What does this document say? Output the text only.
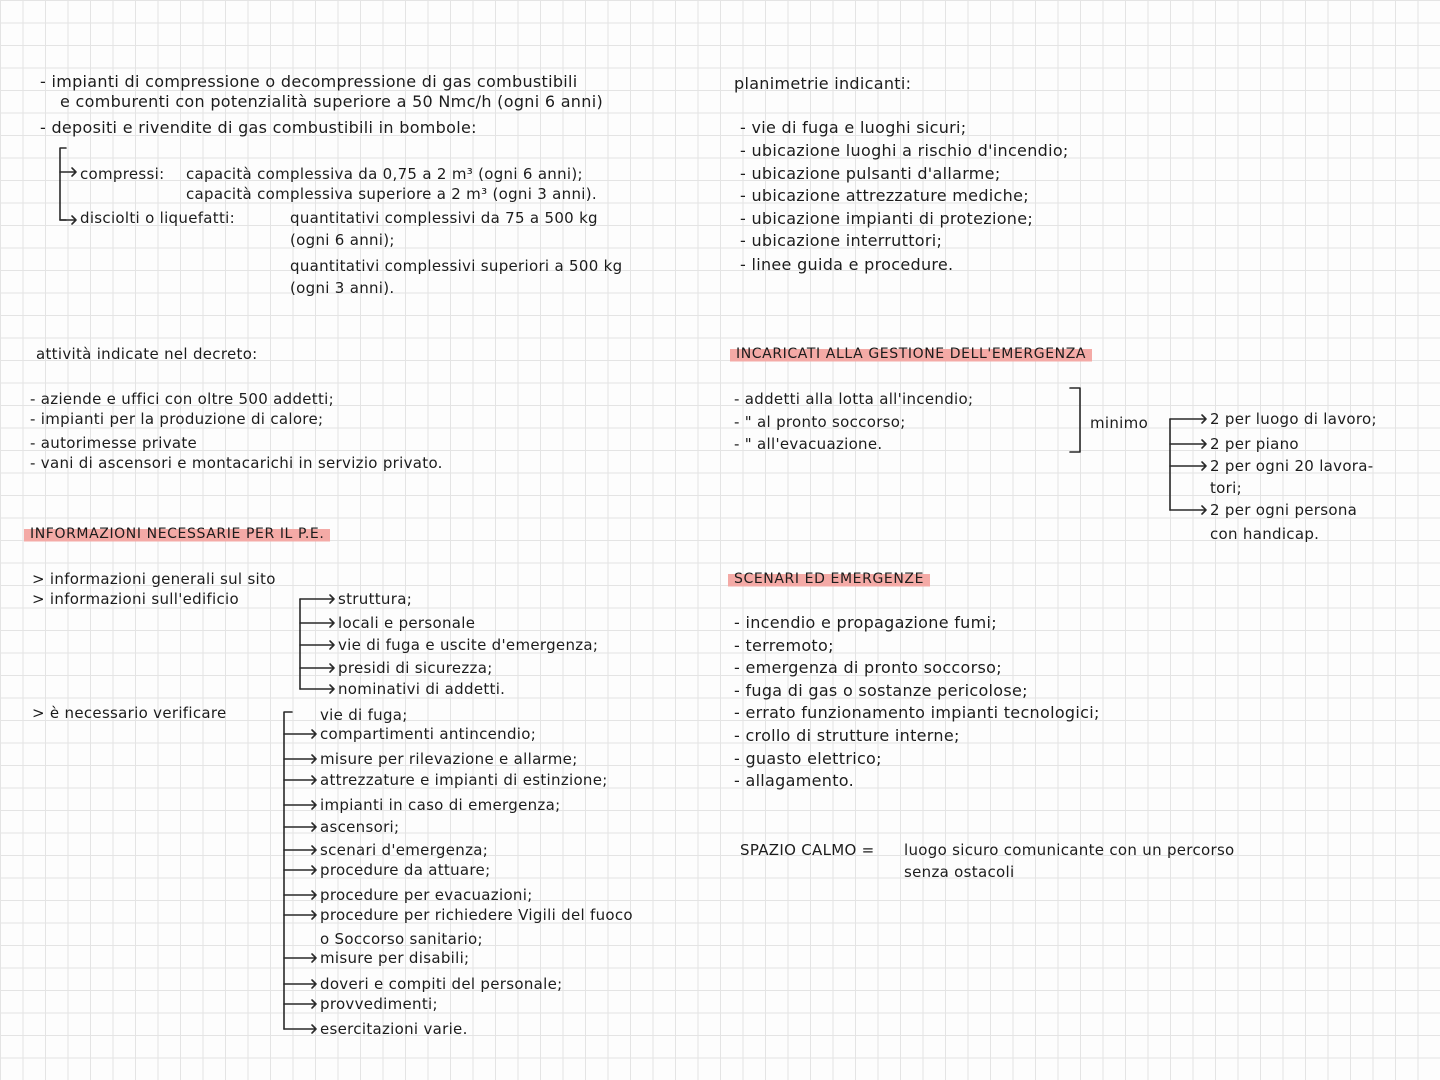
- impianti di compressione o decompressione di gas combustibili
e comburenti con potenzialità superiore a 50 Nmc/h (ogni 6 anni)
- depositi e rivendite di gas combustibili in bombole:
compressi: capacità complessiva da 0,75 a 2 m³ (ogni 6 anni);
capacità complessiva superiore a 2 m³ (ogni 3 anni).
disciolti o liquefatti:	quantitativi complessivi da 75 a 500 kg
(ogni 6 anni);
quantitativi complessivi superiori a 500 kg
(ogni 3 anni).
attività indicate nel decreto:
- aziende e uffici con oltre 500 addetti;
- impianti per la produzione di calore;
- autorimesse private
- vani di ascensori e montacarichi in servizio privato.
INFORMAZIONI NECESSARIE PER IL P.E.
> informazioni generali sul sito
> informazioni sull'edificio	struttura;
locali e personale
vie di fuga e uscite d'emergenza;
presidi di sicurezza;
nominativi di addetti.
> è necessario verificare	vie di fuga;
compartimenti antincendio;
misure per rilevazione e allarme;
attrezzature e impianti di estinzione;
impianti in caso di emergenza;
ascensori;
scenari d'emergenza;
procedure da attuare;
procedure per evacuazioni;
procedure per richiedere Vigili del fuoco
o Soccorso sanitario;
misure per disabili;
doveri e compiti del personale;
provvedimenti;
esercitazioni varie.
planimetrie indicanti:
- vie di fuga e luoghi sicuri;
- ubicazione luoghi a rischio d'incendio;
- ubicazione pulsanti d'allarme;
- ubicazione attrezzature mediche;
- ubicazione impianti di protezione;
- ubicazione interruttori;
- linee guida e procedure.
INCARICATI ALLA GESTIONE DELL'EMERGENZA
- addetti alla lotta all'incendio;
- " al pronto soccorso;
- " all'evacuazione.
minimo	2 per luogo di lavoro;
2 per piano
2 per ogni 20 lavora-
tori;
2 per ogni persona
con handicap.
SCENARI ED EMERGENZE
- incendio e propagazione fumi;
- terremoto;
- emergenza di pronto soccorso;
- fuga di gas o sostanze pericolose;
- errato funzionamento impianti tecnologici;
- crollo di strutture interne;
- guasto elettrico;
- allagamento.
SPAZIO CALMO = luogo sicuro comunicante con un percorso
senza ostacoli
